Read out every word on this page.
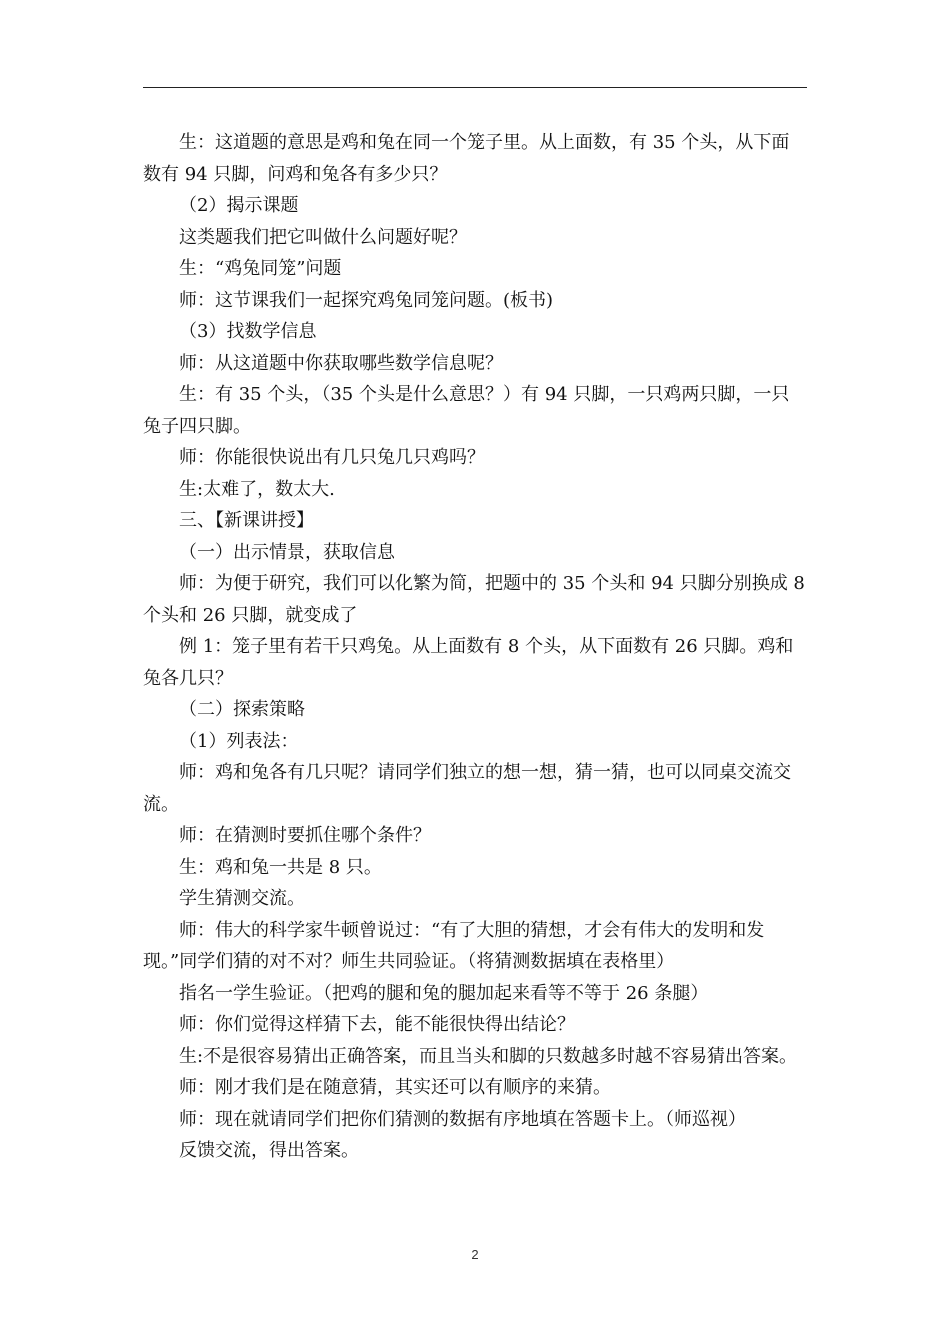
生：这道题的意思是鸡和兔在同一个笼子里。从上面数，有 35 个头，从下面数有 94 只脚，问鸡和兔各有多少只？

（2）揭示课题

这类题我们把它叫做什么问题好呢？

生：“鸡兔同笼”问题

师：这节课我们一起探究鸡兔同笼问题。(板书)

（3）找数学信息

师：从这道题中你获取哪些数学信息呢？

生：有 35 个头，（35 个头是什么意思？）有 94 只脚，一只鸡两只脚，一只兔子四只脚。

师：你能很快说出有几只兔几只鸡吗？

生:太难了，数太大.

三、【新课讲授】

（一）出示情景，获取信息

师：为便于研究，我们可以化繁为简，把题中的 35 个头和 94 只脚分别换成 8 个头和 26 只脚，就变成了

例 1：笼子里有若干只鸡兔。从上面数有 8 个头，从下面数有 26 只脚。鸡和兔各几只？

（二）探索策略

（1）列表法：

师：鸡和兔各有几只呢？请同学们独立的想一想，猜一猜，也可以同桌交流交流。

师：在猜测时要抓住哪个条件？

生：鸡和兔一共是 8 只。

学生猜测交流。

师：伟大的科学家牛顿曾说过：“有了大胆的猜想，才会有伟大的发明和发现。”同学们猜的对不对？师生共同验证。（将猜测数据填在表格里）

指名一学生验证。（把鸡的腿和兔的腿加起来看等不等于 26 条腿）

师：你们觉得这样猜下去，能不能很快得出结论？

生:不是很容易猜出正确答案，而且当头和脚的只数越多时越不容易猜出答案。

师：刚才我们是在随意猜，其实还可以有顺序的来猜。

师：现在就请同学们把你们猜测的数据有序地填在答题卡上。（师巡视）

反馈交流，得出答案。

2
